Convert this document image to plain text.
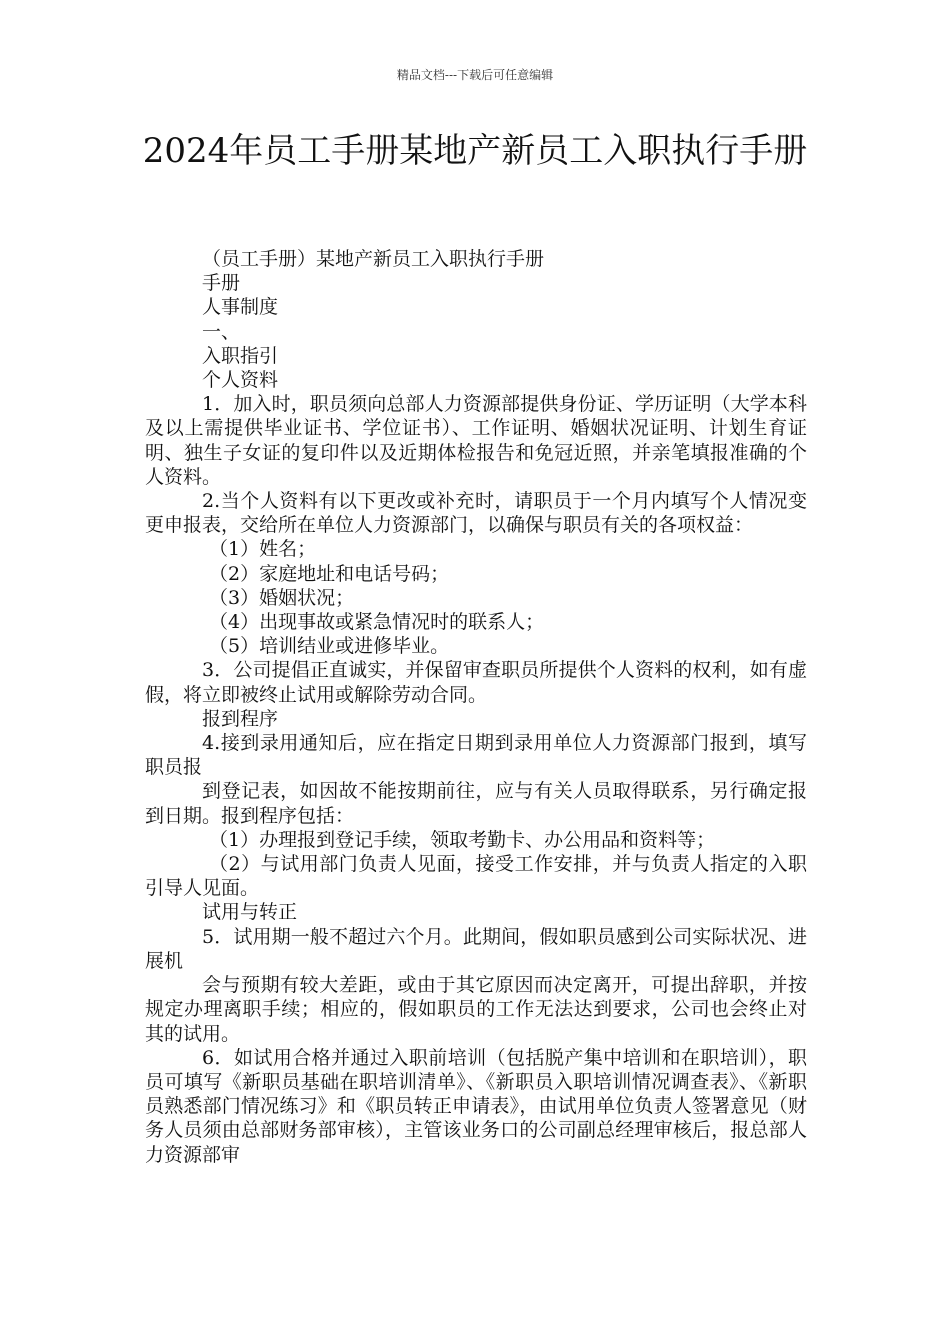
精品文档---下载后可任意编辑
2024年员工手册某地产新员工入职执行手册

（员工手册）某地产新员工入职执行手册

手册

人事制度

一、

入职指引

个人资料

1．加入时，职员须向总部人力资源部提供身份证、学历证明（大学本科及以上需提供毕业证书、学位证书）、工作证明、婚姻状况证明、计划生育证明、独生子女证的复印件以及近期体检报告和免冠近照，并亲笔填报准确的个人资料。

2.当个人资料有以下更改或补充时，请职员于一个月内填写个人情况变更申报表，交给所在单位人力资源部门，以确保与职员有关的各项权益：

（1）姓名；

（2）家庭地址和电话号码；

（3）婚姻状况；

（4）出现事故或紧急情况时的联系人；

（5）培训结业或进修毕业。

3．公司提倡正直诚实，并保留审查职员所提供个人资料的权利，如有虚假，将立即被终止试用或解除劳动合同。

报到程序

4.接到录用通知后，应在指定日期到录用单位人力资源部门报到，填写职员报

到登记表，如因故不能按期前往，应与有关人员取得联系，另行确定报到日期。报到程序包括：

（1）办理报到登记手续，领取考勤卡、办公用品和资料等；

（2）与试用部门负责人见面，接受工作安排，并与负责人指定的入职引导人见面。

试用与转正

5．试用期一般不超过六个月。此期间，假如职员感到公司实际状况、进展机

会与预期有较大差距，或由于其它原因而决定离开，可提出辞职，并按规定办理离职手续；相应的，假如职员的工作无法达到要求，公司也会终止对其的试用。

6．如试用合格并通过入职前培训（包括脱产集中培训和在职培训），职员可填写《新职员基础在职培训清单》、《新职员入职培训情况调查表》、《新职员熟悉部门情况练习》和《职员转正申请表》，由试用单位负责人签署意见（财务人员须由总部财务部审核），主管该业务口的公司副总经理审核后，报总部人力资源部审
